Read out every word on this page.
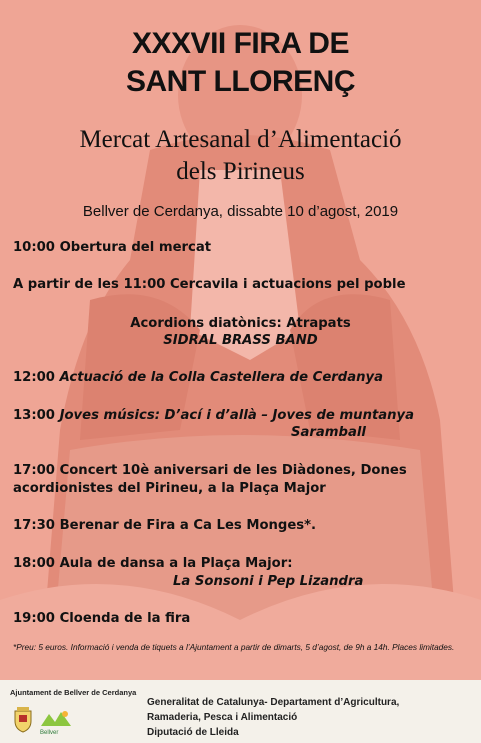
XXXVII FIRA DE
SANT LLORENÇ
Mercat Artesanal d’Alimentació
dels Pirineus
Bellver de Cerdanya, dissabte 10 d’agost, 2019
10:00 Obertura del mercat
A partir de les 11:00 Cercavila i actuacions pel poble
Acordions diatònics: Atrapats
SIDRAL BRASS BAND
12:00 Actuació de la Colla Castellera de Cerdanya
13:00 Joves músics: D’ací i d’allà – Joves de muntanya
Saramball
17:00 Concert 10è aniversari de les Diàdones, Dones
acordionistes del Pirineu, a la Plaça Major
17:30 Berenar de Fira a Ca Les Monges*.
18:00 Aula de dansa a la Plaça Major:
La Sonsoni i Pep Lizandra
19:00 Cloenda de la fira
*Preu: 5 euros. Informació i venda de tiquets a l’Ajuntament a partir de dimarts, 5 d’agost, de 9h a 14h. Places limitades.
Ajuntament de Bellver de Cerdanya
Bellver
Generalitat de Catalunya- Departament d’Agricultura,
Ramaderia, Pesca i Alimentació
Diputació de Lleida
